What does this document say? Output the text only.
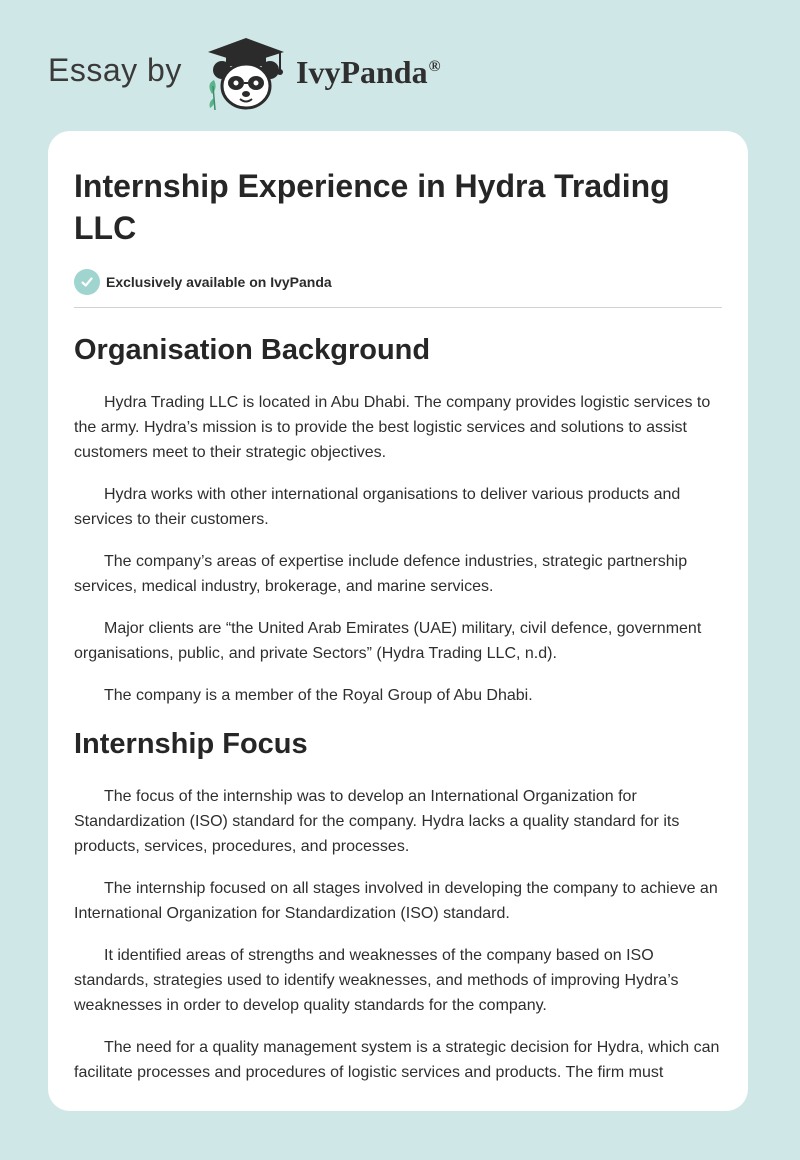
Essay by	IvyPanda®
Internship Experience in Hydra Trading LLC
Exclusively available on IvyPanda
Organisation Background

Hydra Trading LLC is located in Abu Dhabi. The company provides logistic services to the army. Hydra’s mission is to provide the best logistic services and solutions to assist customers meet to their strategic objectives.

Hydra works with other international organisations to deliver various products and services to their customers.

The company’s areas of expertise include defence industries, strategic partnership services, medical industry, brokerage, and marine services.

Major clients are “the United Arab Emirates (UAE) military, civil defence, government organisations, public, and private Sectors” (Hydra Trading LLC, n.d).

The company is a member of the Royal Group of Abu Dhabi.

Internship Focus

The focus of the internship was to develop an International Organization for Standardization (ISO) standard for the company. Hydra lacks a quality standard for its products, services, procedures, and processes.

The internship focused on all stages involved in developing the company to achieve an International Organization for Standardization (ISO) standard.

It identified areas of strengths and weaknesses of the company based on ISO standards, strategies used to identify weaknesses, and methods of improving Hydra’s weaknesses in order to develop quality standards for the company.

The need for a quality management system is a strategic decision for Hydra, which can facilitate processes and procedures of logistic services and products. The firm must
